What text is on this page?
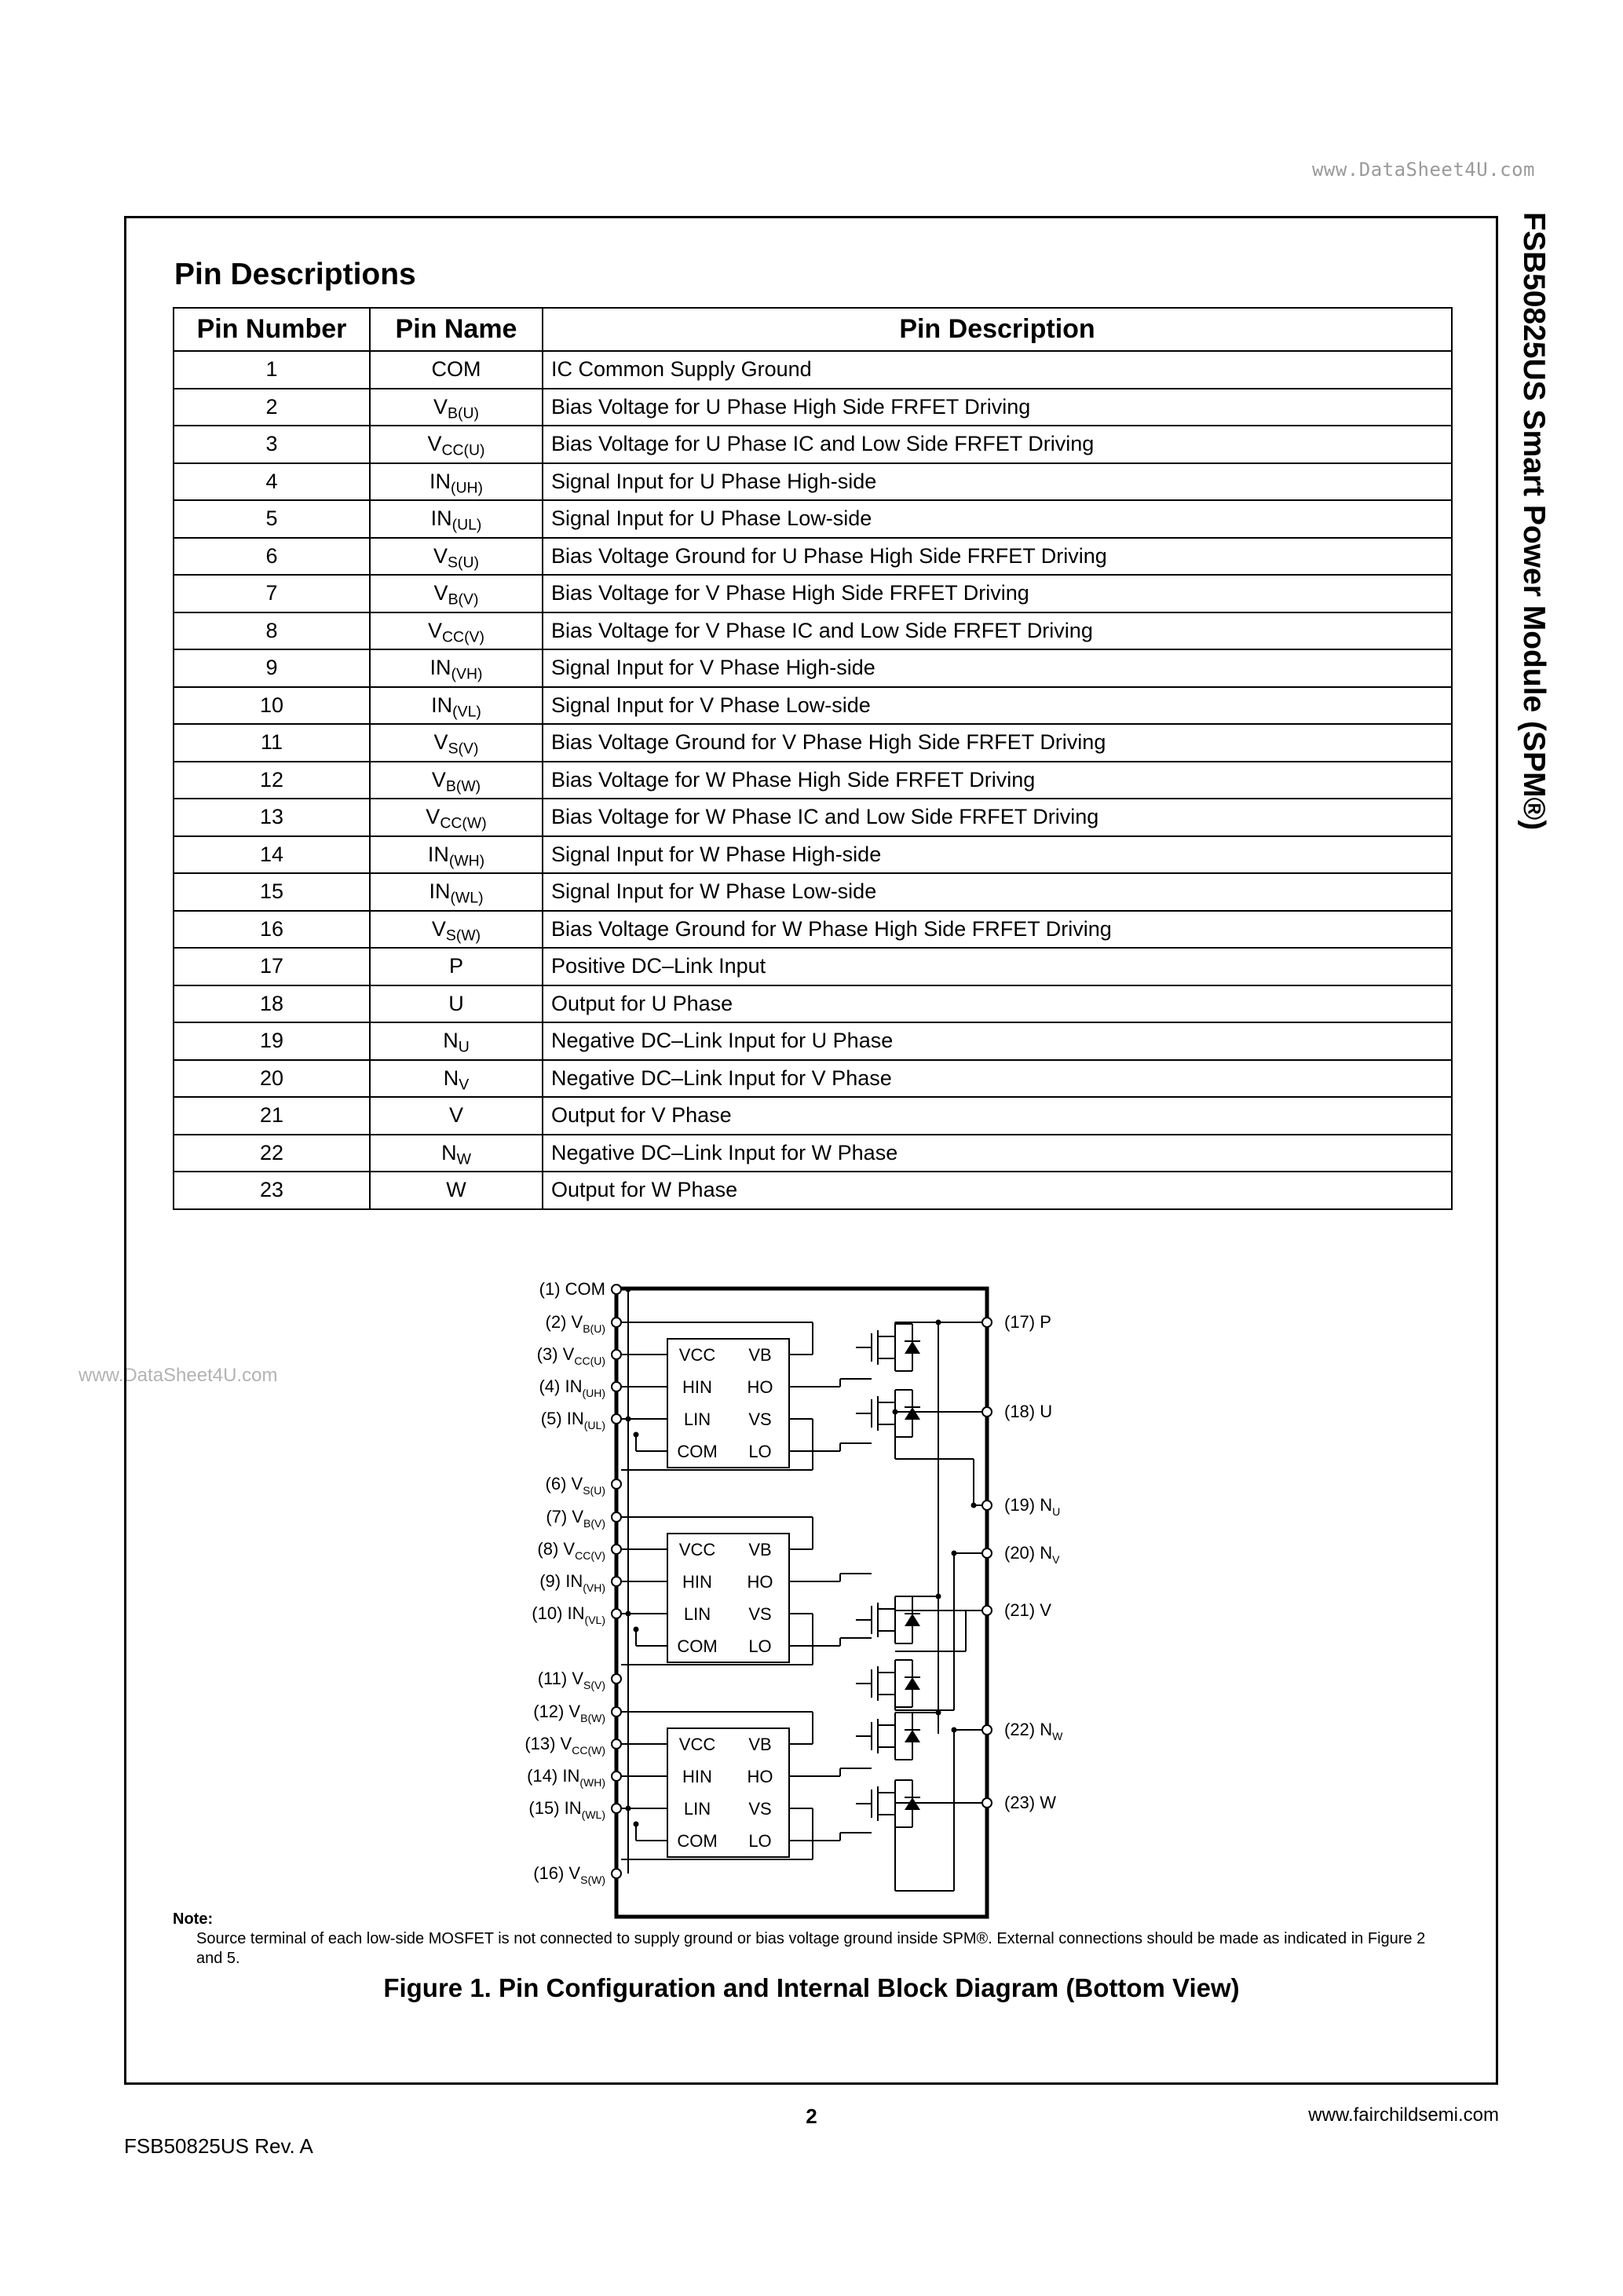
www.DataSheet4U.com
www.DataSheet4U.com
FSB50825US Smart Power Module (SPM®)
Pin Descriptions
Pin Number	Pin Name	Pin Description
1	COM	IC Common Supply Ground
2	$V_{B(U)}$	Bias Voltage for U Phase High Side FRFET Driving
3	$V_{CC(U)}$	Bias Voltage for U Phase IC and Low Side FRFET Driving
4	$IN_{(UH)}$	Signal Input for U Phase High-side
5	$IN_{(UL)}$	Signal Input for U Phase Low-side
6	$V_{S(U)}$	Bias Voltage Ground for U Phase High Side FRFET Driving
7	$V_{B(V)}$	Bias Voltage for V Phase High Side FRFET Driving
8	$V_{CC(V)}$	Bias Voltage for V Phase IC and Low Side FRFET Driving
9	$IN_{(VH)}$	Signal Input for V Phase High-side
10	$IN_{(VL)}$	Signal Input for V Phase Low-side
11	$V_{S(V)}$	Bias Voltage Ground for V Phase High Side FRFET Driving
12	$V_{B(W)}$	Bias Voltage for W Phase High Side FRFET Driving
13	$V_{CC(W)}$	Bias Voltage for W Phase IC and Low Side FRFET Driving
14	$IN_{(WH)}$	Signal Input for W Phase High-side
15	$IN_{(WL)}$	Signal Input for W Phase Low-side
16	$V_{S(W)}$	Bias Voltage Ground for W Phase High Side FRFET Driving
17	P	Positive DC–Link Input
18	U	Output for U Phase
19	$N_U$	Negative DC–Link Input for U Phase
20	$N_V$	Negative DC–Link Input for V Phase
21	V	Output for V Phase
22	$N_W$	Negative DC–Link Input for W Phase
23	W	Output for W Phase
(1) COM
(2) $V_{B(U)}$
(3) $V_{CC(U)}$
(4) $IN_{(UH)}$
(5) $IN_{(UL)}$
(6) $V_{S(U)}$
(7) $V_{B(V)}$
(8) $V_{CC(V)}$
(9) $IN_{(VH)}$
(10) $IN_{(VL)}$
(11) $V_{S(V)}$
(12) $V_{B(W)}$
(13) $V_{CC(W)}$
(14) $IN_{(WH)}$
(15) $IN_{(WL)}$
(16) $V_{S(W)}$
(17) P
(18) U
(19) $N_U$
(20) $N_V$
(21) V
(22) $N_W$
(23) W
VCC VB
HIN HO
LIN VS
COM LO
VCC VB
HIN HO
LIN VS
COM LO
VCC VB
HIN HO
LIN VS
COM LO
Note:
Source terminal of each low-side MOSFET is not connected to supply ground or bias voltage ground inside SPM®. External connections should be made as indicated in Figure 2 and 5.
Figure 1. Pin Configuration and Internal Block Diagram (Bottom View)
2
FSB50825US Rev. A
www.fairchildsemi.com
